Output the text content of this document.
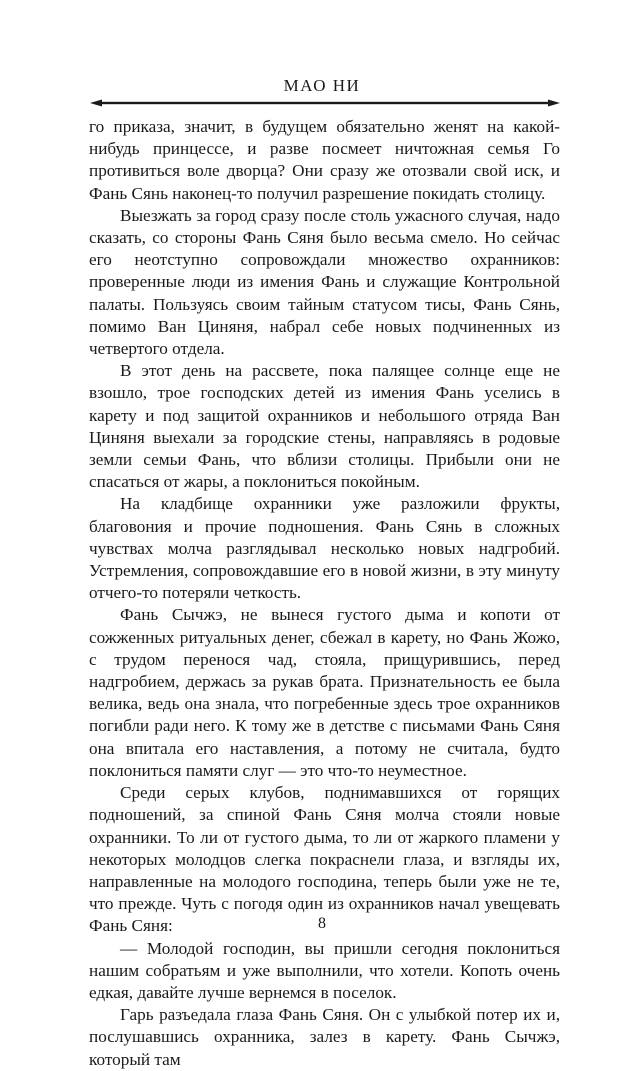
МАО НИ

го приказа, значит, в будущем обязательно женят на какой-нибудь принцессе, и разве посмеет ничтожная семья Го противиться воле дворца? Они сразу же отозвали свой иск, и Фань Сянь наконец-то получил разрешение покидать столицу.

Выезжать за город сразу после столь ужасного случая, надо сказать, со стороны Фань Сяня было весьма смело. Но сейчас его неотступно сопровождали множество охранников: проверенные люди из имения Фань и служащие Контрольной палаты. Пользуясь своим тайным статусом тисы, Фань Сянь, помимо Ван Циняня, набрал себе новых подчиненных из четвертого отдела.

В этот день на рассвете, пока палящее солнце еще не взошло, трое господских детей из имения Фань уселись в карету и под защитой охранников и небольшого отряда Ван Циняня выехали за городские стены, направляясь в родовые земли семьи Фань, что вблизи столицы. Прибыли они не спасаться от жары, а поклониться покойным.

На кладбище охранники уже разложили фрукты, благовония и прочие подношения. Фань Сянь в сложных чувствах молча разглядывал несколько новых надгробий. Устремления, сопровождавшие его в новой жизни, в эту минуту отчего-то потеряли четкость.

Фань Сычжэ, не вынеся густого дыма и копоти от сожженных ритуальных денег, сбежал в карету, но Фань Жожо, с трудом перенося чад, стояла, прищурившись, перед надгробием, держась за рукав брата. Признательность ее была велика, ведь она знала, что погребенные здесь трое охранников погибли ради него. К тому же в детстве с письмами Фань Сяня она впитала его наставления, а потому не считала, будто поклониться памяти слуг — это что-то неуместное.

Среди серых клубов, поднимавшихся от горящих подношений, за спиной Фань Сяня молча стояли новые охранники. То ли от густого дыма, то ли от жаркого пламени у некоторых молодцов слегка покраснели глаза, и взгляды их, направленные на молодого господина, теперь были уже не те, что прежде. Чуть с погодя один из охранников начал увещевать Фань Сяня:

— Молодой господин, вы пришли сегодня поклониться нашим собратьям и уже выполнили, что хотели. Копоть очень едкая, давайте лучше вернемся в поселок.

Гарь разъедала глаза Фань Сяня. Он с улыбкой потер их и, послушавшись охранника, залез в карету. Фань Сычжэ, который там

8
